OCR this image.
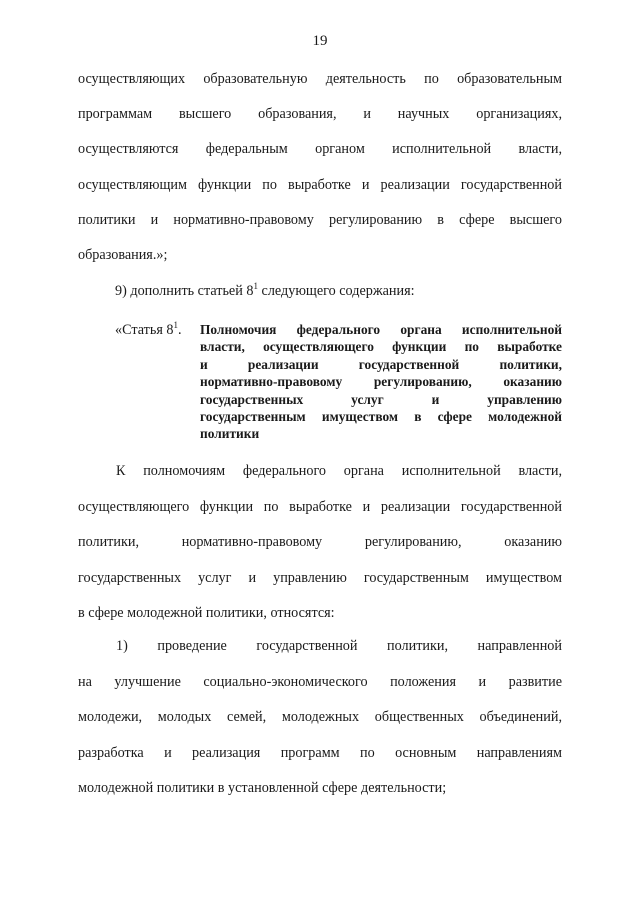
19
осуществляющих образовательную деятельность по образовательным
программам высшего образования, и научных организациях,
осуществляются федеральным органом исполнительной власти,
осуществляющим функции по выработке и реализации государственной
политики и нормативно-правовому регулированию в сфере высшего
образования.»;
9) дополнить статьей $8^1$ следующего содержания:
«Статья $8^1$. Полномочия федерального органа исполнительной
власти, осуществляющего функции по выработке
и реализации государственной политики,
нормативно-правовому регулированию, оказанию
государственных услуг и управлению
государственным имуществом в сфере молодежной
политики
К полномочиям федерального органа исполнительной власти,
осуществляющего функции по выработке и реализации государственной
политики, нормативно-правовому регулированию, оказанию
государственных услуг и управлению государственным имуществом
в сфере молодежной политики, относятся:
1) проведение государственной политики, направленной
на улучшение социально-экономического положения и развитие
молодежи, молодых семей, молодежных общественных объединений,
разработка и реализация программ по основным направлениям
молодежной политики в установленной сфере деятельности;
